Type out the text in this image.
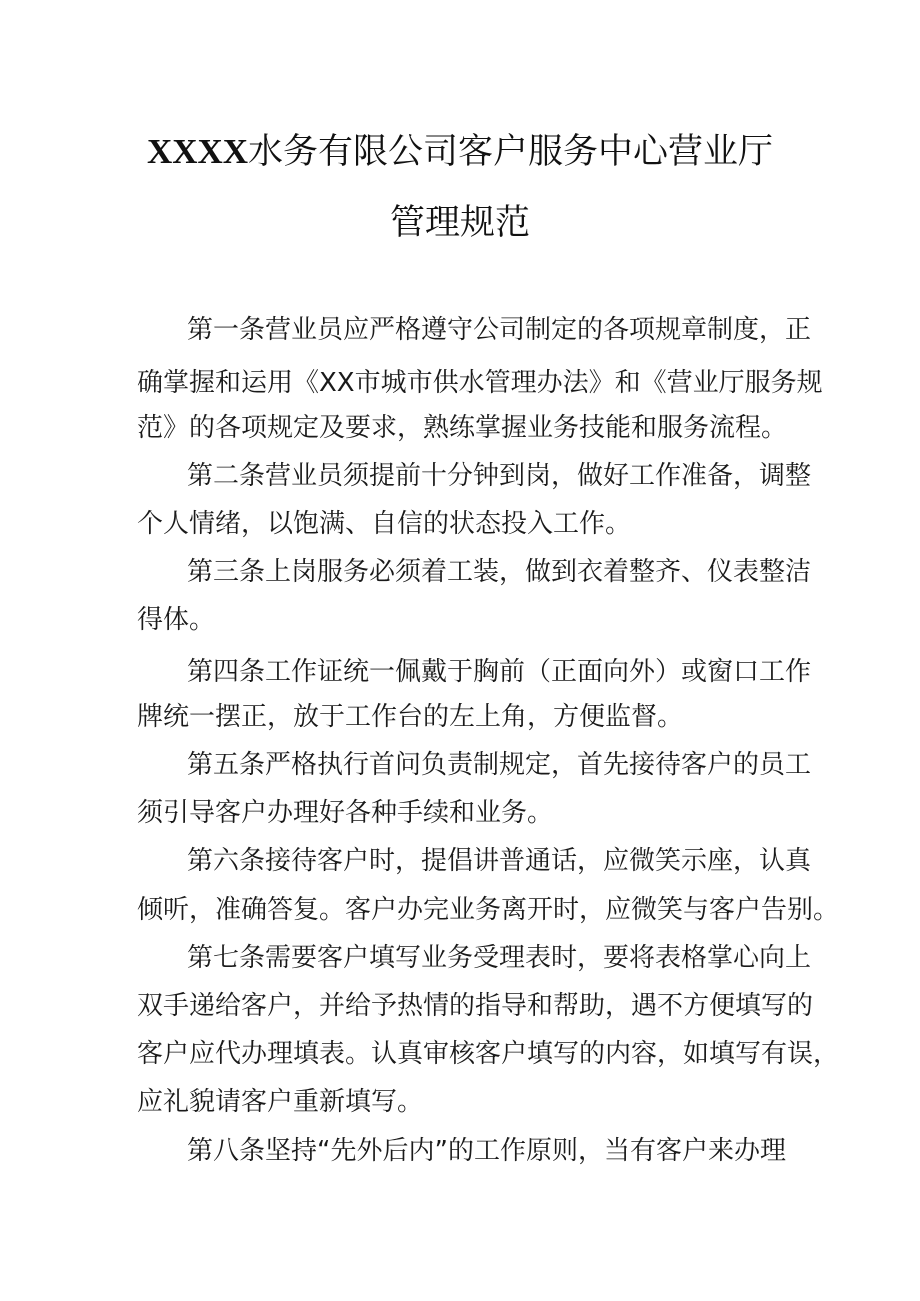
XXXX水务有限公司客户服务中心营业厅
管理规范
第一条营业员应严格遵守公司制定的各项规章制度，正
确掌握和运用《XX市城市供水管理办法》和《营业厅服务规
范》的各项规定及要求，熟练掌握业务技能和服务流程。
第二条营业员须提前十分钟到岗，做好工作准备，调整
个人情绪，以饱满、自信的状态投入工作。
第三条上岗服务必须着工装，做到衣着整齐、仪表整洁
得体。
第四条工作证统一佩戴于胸前（正面向外）或窗口工作
牌统一摆正，放于工作台的左上角，方便监督。
第五条严格执行首问负责制规定，首先接待客户的员工
须引导客户办理好各种手续和业务。
第六条接待客户时，提倡讲普通话，应微笑示座，认真
倾听，准确答复。客户办完业务离开时，应微笑与客户告别。
第七条需要客户填写业务受理表时，要将表格掌心向上
双手递给客户，并给予热情的指导和帮助，遇不方便填写的
客户应代办理填表。认真审核客户填写的内容，如填写有误，
应礼貌请客户重新填写。
第八条坚持“先外后内”的工作原则，当有客户来办理
